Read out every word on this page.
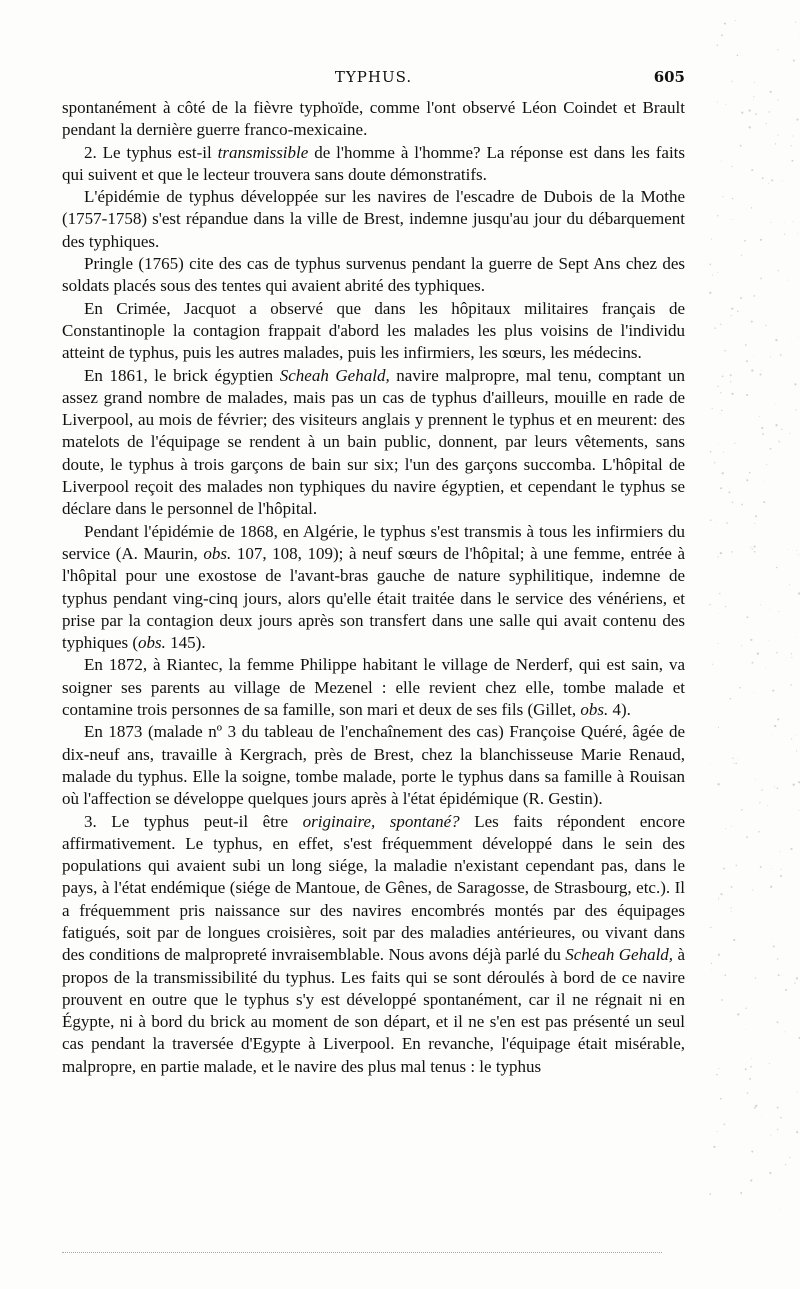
TYPHUS.	605

spontanément à côté de la fièvre typhoïde, comme l'ont observé Léon Coindet et Brault pendant la dernière guerre franco-mexicaine.

2. Le typhus est-il transmissible de l'homme à l'homme? La réponse est dans les faits qui suivent et que le lecteur trouvera sans doute démonstratifs.

L'épidémie de typhus développée sur les navires de l'escadre de Dubois de la Mothe (1757-1758) s'est répandue dans la ville de Brest, indemne jusqu'au jour du débarquement des typhiques.

Pringle (1765) cite des cas de typhus survenus pendant la guerre de Sept Ans chez des soldats placés sous des tentes qui avaient abrité des typhiques.

En Crimée, Jacquot a observé que dans les hôpitaux militaires français de Constantinople la contagion frappait d'abord les malades les plus voisins de l'individu atteint de typhus, puis les autres malades, puis les infirmiers, les sœurs, les médecins.

En 1861, le brick égyptien Scheah Gehald, navire malpropre, mal tenu, comptant un assez grand nombre de malades, mais pas un cas de typhus d'ailleurs, mouille en rade de Liverpool, au mois de février; des visiteurs anglais y prennent le typhus et en meurent: des matelots de l'équipage se rendent à un bain public, donnent, par leurs vêtements, sans doute, le typhus à trois garçons de bain sur six; l'un des garçons succomba. L'hôpital de Liverpool reçoit des malades non typhiques du navire égyptien, et cependant le typhus se déclare dans le personnel de l'hôpital.

Pendant l'épidémie de 1868, en Algérie, le typhus s'est transmis à tous les infirmiers du service (A. Maurin, obs. 107, 108, 109); à neuf sœurs de l'hôpital; à une femme, entrée à l'hôpital pour une exostose de l'avant-bras gauche de nature syphilitique, indemne de typhus pendant ving-cinq jours, alors qu'elle était traitée dans le service des vénériens, et prise par la contagion deux jours après son transfert dans une salle qui avait contenu des typhiques (obs. 145).

En 1872, à Riantec, la femme Philippe habitant le village de Nerderf, qui est sain, va soigner ses parents au village de Mezenel : elle revient chez elle, tombe malade et contamine trois personnes de sa famille, son mari et deux de ses fils (Gillet, obs. 4).

En 1873 (malade nº 3 du tableau de l'enchaînement des cas) Françoise Quéré, âgée de dix-neuf ans, travaille à Kergrach, près de Brest, chez la blanchisseuse Marie Renaud, malade du typhus. Elle la soigne, tombe malade, porte le typhus dans sa famille à Rouisan où l'affection se développe quelques jours après à l'état épidémique (R. Gestin).

3. Le typhus peut-il être originaire, spontané? Les faits répondent encore affirmativement. Le typhus, en effet, s'est fréquemment développé dans le sein des populations qui avaient subi un long siége, la maladie n'existant cependant pas, dans le pays, à l'état endémique (siége de Mantoue, de Gênes, de Saragosse, de Strasbourg, etc.). Il a fréquemment pris naissance sur des navires encombrés montés par des équipages fatigués, soit par de longues croisières, soit par des maladies antérieures, ou vivant dans des conditions de malpropreté invraisemblable. Nous avons déjà parlé du Scheah Gehald, à propos de la transmissibilité du typhus. Les faits qui se sont déroulés à bord de ce navire prouvent en outre que le typhus s'y est développé spontanément, car il ne régnait ni en Égypte, ni à bord du brick au moment de son départ, et il ne s'en est pas présenté un seul cas pendant la traversée d'Egypte à Liverpool. En revanche, l'équipage était misérable, malpropre, en partie malade, et le navire des plus mal tenus : le typhus
